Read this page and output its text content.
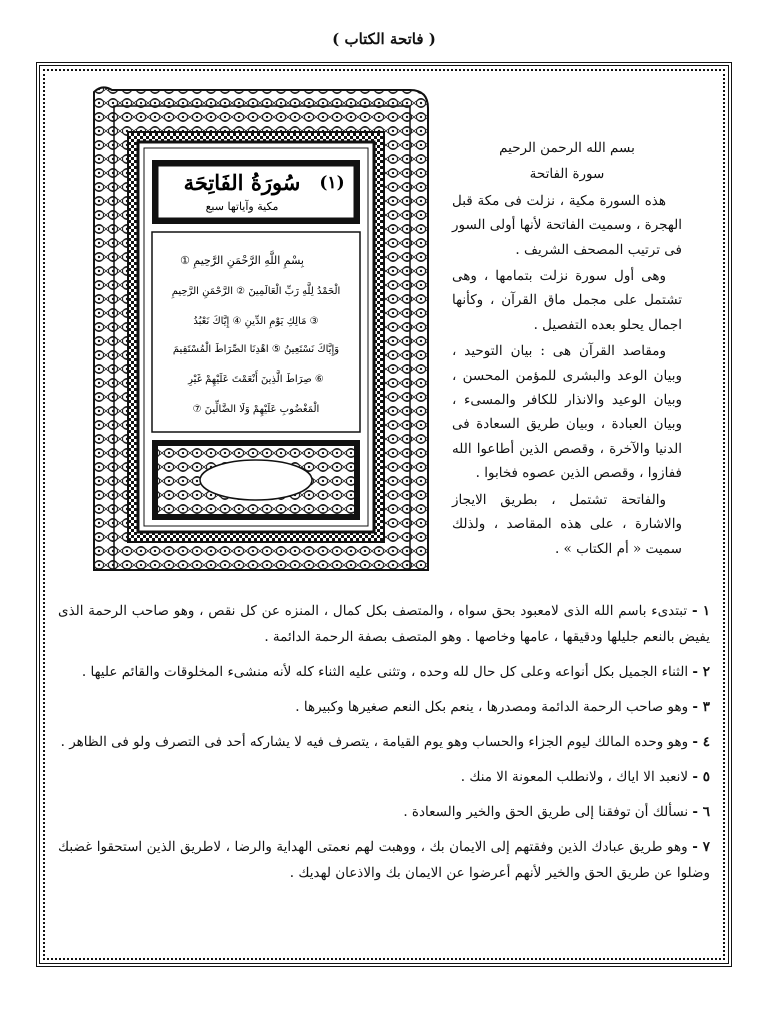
( فاتحة الكتاب )
(١)
سُورَةُ الفَاتِحَة
مكية وآياتها سبع
بِسْمِ اللَّهِ الرَّحْمَنِ الرَّحِيمِ ①
الْحَمْدُ لِلَّهِ رَبِّ الْعَالَمِينَ ② الرَّحْمَنِ الرَّحِيمِ
③ مَالِكِ يَوْمِ الدِّينِ ④ إِيَّاكَ نَعْبُدُ
وَإِيَّاكَ نَسْتَعِينُ ⑤ اهْدِنَا الصِّرَاطَ الْمُسْتَقِيمَ
⑥ صِرَاطَ الَّذِينَ أَنْعَمْتَ عَلَيْهِمْ غَيْرِ
الْمَغْضُوبِ عَلَيْهِمْ وَلَا الضَّالِّينَ ⑦

بسم الله الرحمن الرحيم

سورة الفاتحة

هذه السورة مكية ، نزلت فى مكة قبل الهجرة ، وسميت الفاتحة لأنها أولى السور فى ترتيب المصحف الشريف .

وهى أول سورة نزلت بتمامها ، وهى تشتمل على مجمل ماق القرآن ، وكأنها اجمال يحلو بعده التفصيل .

ومقاصد القرآن هى : بيان التوحيد ، وبيان الوعد والبشرى للمؤمن المحسن ، وبيان الوعيد والانذار للكافر والمسىء ، وبيان العبادة ، وبيان طريق السعادة فى الدنيا والآخرة ، وقصص الذين أطاعوا الله ففازوا ، وقصص الذين عصوه فخابوا .

والفاتحة تشتمل ، بطريق الايجاز والاشارة ، على هذه المقاصد ، ولذلك سميت « أم الكتاب » .

١ - تبتدىء باسم الله الذى لامعبود بحق سواه ، والمتصف بكل كمال ، المنزه عن كل نقص ، وهو صاحب الرحمة الذى يفيض بالنعم جليلها ودقيقها ، عامها وخاصها . وهو المتصف بصفة الرحمة الدائمة .

٢ - الثناء الجميل بكل أنواعه وعلى كل حال لله وحده ، وتثنى عليه الثناء كله لأنه منشىء المخلوقات والقائم عليها .

٣ - وهو صاحب الرحمة الدائمة ومصدرها ، ينعم بكل النعم صغيرها وكبيرها .

٤ - وهو وحده المالك ليوم الجزاء والحساب وهو يوم القيامة ، يتصرف فيه لا يشاركه أحد فى التصرف ولو فى الظاهر .

٥ - لانعبد الا اياك ، ولانطلب المعونة الا منك .

٦ - نسألك أن توفقنا إلى طريق الحق والخير والسعادة .

٧ - وهو طريق عبادك الذين وفقتهم إلى الايمان بك ، ووهبت لهم نعمتى الهداية والرضا ، لاطريق الذين استحقوا غضبك وضلوا عن طريق الحق والخير لأنهم أعرضوا عن الايمان بك والاذعان لهديك .
